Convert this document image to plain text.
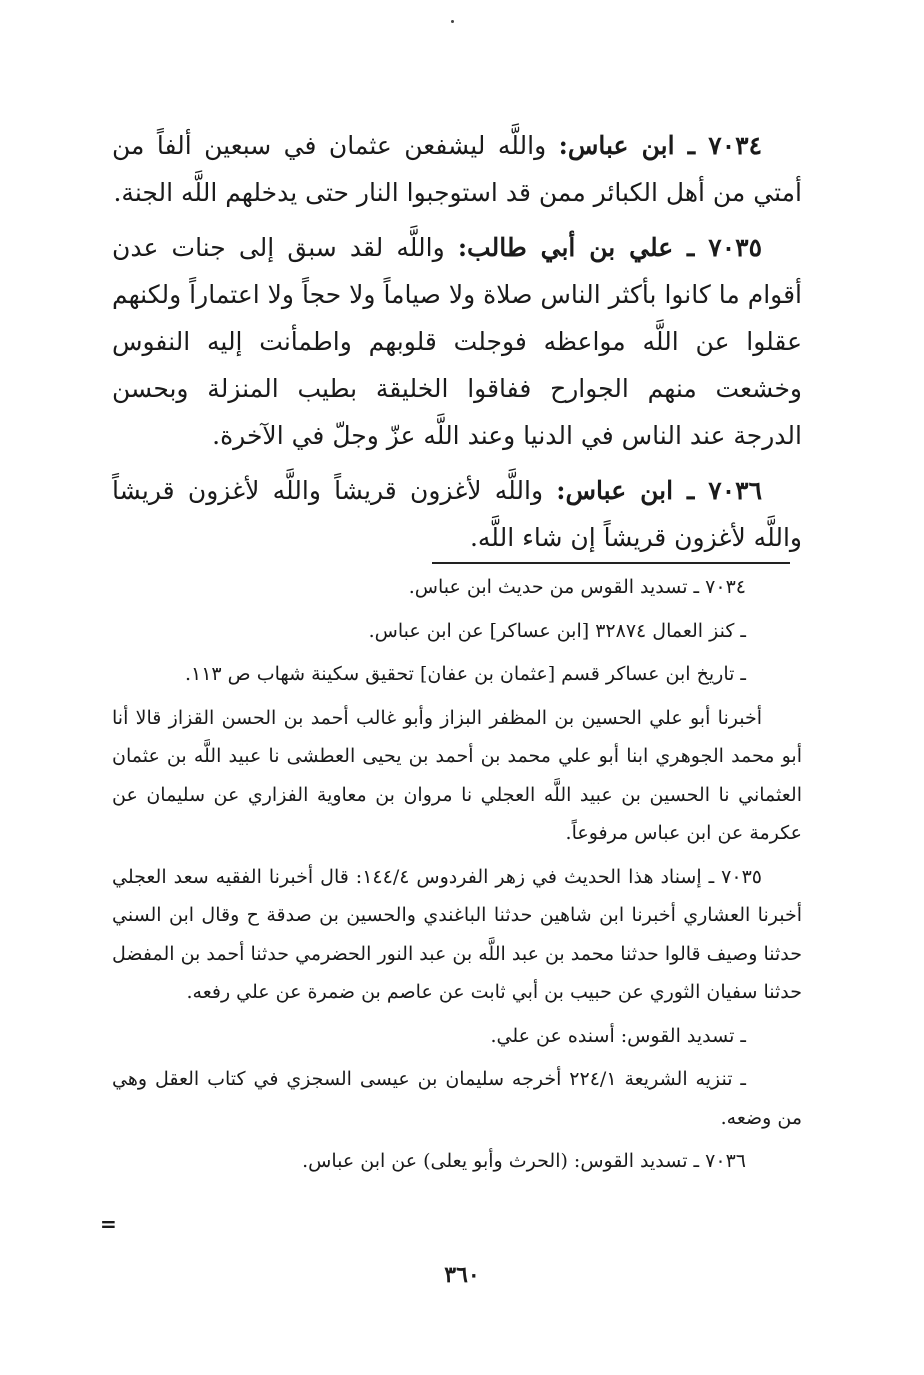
٧٠٣٤ ـ ابن عباس: واللَّه ليشفعن عثمان في سبعين ألفاً من أمتي من أهل الكبائر ممن قد استوجبوا النار حتى يدخلهم اللَّه الجنة.

٧٠٣٥ ـ علي بن أبي طالب: واللَّه لقد سبق إلى جنات عدن أقوام ما كانوا بأكثر الناس صلاة ولا صياماً ولا حجاً ولا اعتماراً ولكنهم عقلوا عن اللَّه مواعظه فوجلت قلوبهم واطمأنت إليه النفوس وخشعت منهم الجوارح ففاقوا الخليقة بطيب المنزلة وبحسن الدرجة عند الناس في الدنيا وعند اللَّه عزّ وجلّ في الآخرة.

٧٠٣٦ ـ ابن عباس: واللَّه لأغزون قريشاً واللَّه لأغزون قريشاً واللَّه لأغزون قريشاً إن شاء اللَّه.

٧٠٣٤ ـ تسديد القوس من حديث ابن عباس.

ـ كنز العمال ٣٢٨٧٤ [ابن عساكر] عن ابن عباس.

ـ تاريخ ابن عساكر قسم [عثمان بن عفان] تحقيق سكينة شهاب ص ١١٣.

أخبرنا أبو علي الحسين بن المظفر البزاز وأبو غالب أحمد بن الحسن القزاز قالا أنا أبو محمد الجوهري ابنا أبو علي محمد بن أحمد بن يحيى العطشى نا عبيد اللَّه بن عثمان العثماني نا الحسين بن عبيد اللَّه العجلي نا مروان بن معاوية الفزاري عن سليمان عن عكرمة عن ابن عباس مرفوعاً.

٧٠٣٥ ـ إسناد هذا الحديث في زهر الفردوس ١٤٤/٤: قال أخبرنا الفقيه سعد العجلي أخبرنا العشاري أخبرنا ابن شاهين حدثنا الباغندي والحسين بن صدقة ح وقال ابن السني حدثنا وصيف قالوا حدثنا محمد بن عبد اللَّه بن عبد النور الحضرمي حدثنا أحمد بن المفضل حدثنا سفيان الثوري عن حبيب بن أبي ثابت عن عاصم بن ضمرة عن علي رفعه.

ـ تسديد القوس: أسنده عن علي.

ـ تنزيه الشريعة ٢٢٤/١ أخرجه سليمان بن عيسى السجزي في كتاب العقل وهي من وضعه.

٧٠٣٦ ـ تسديد القوس: (الحرث وأبو يعلى) عن ابن عباس.

=
٣٦٠
